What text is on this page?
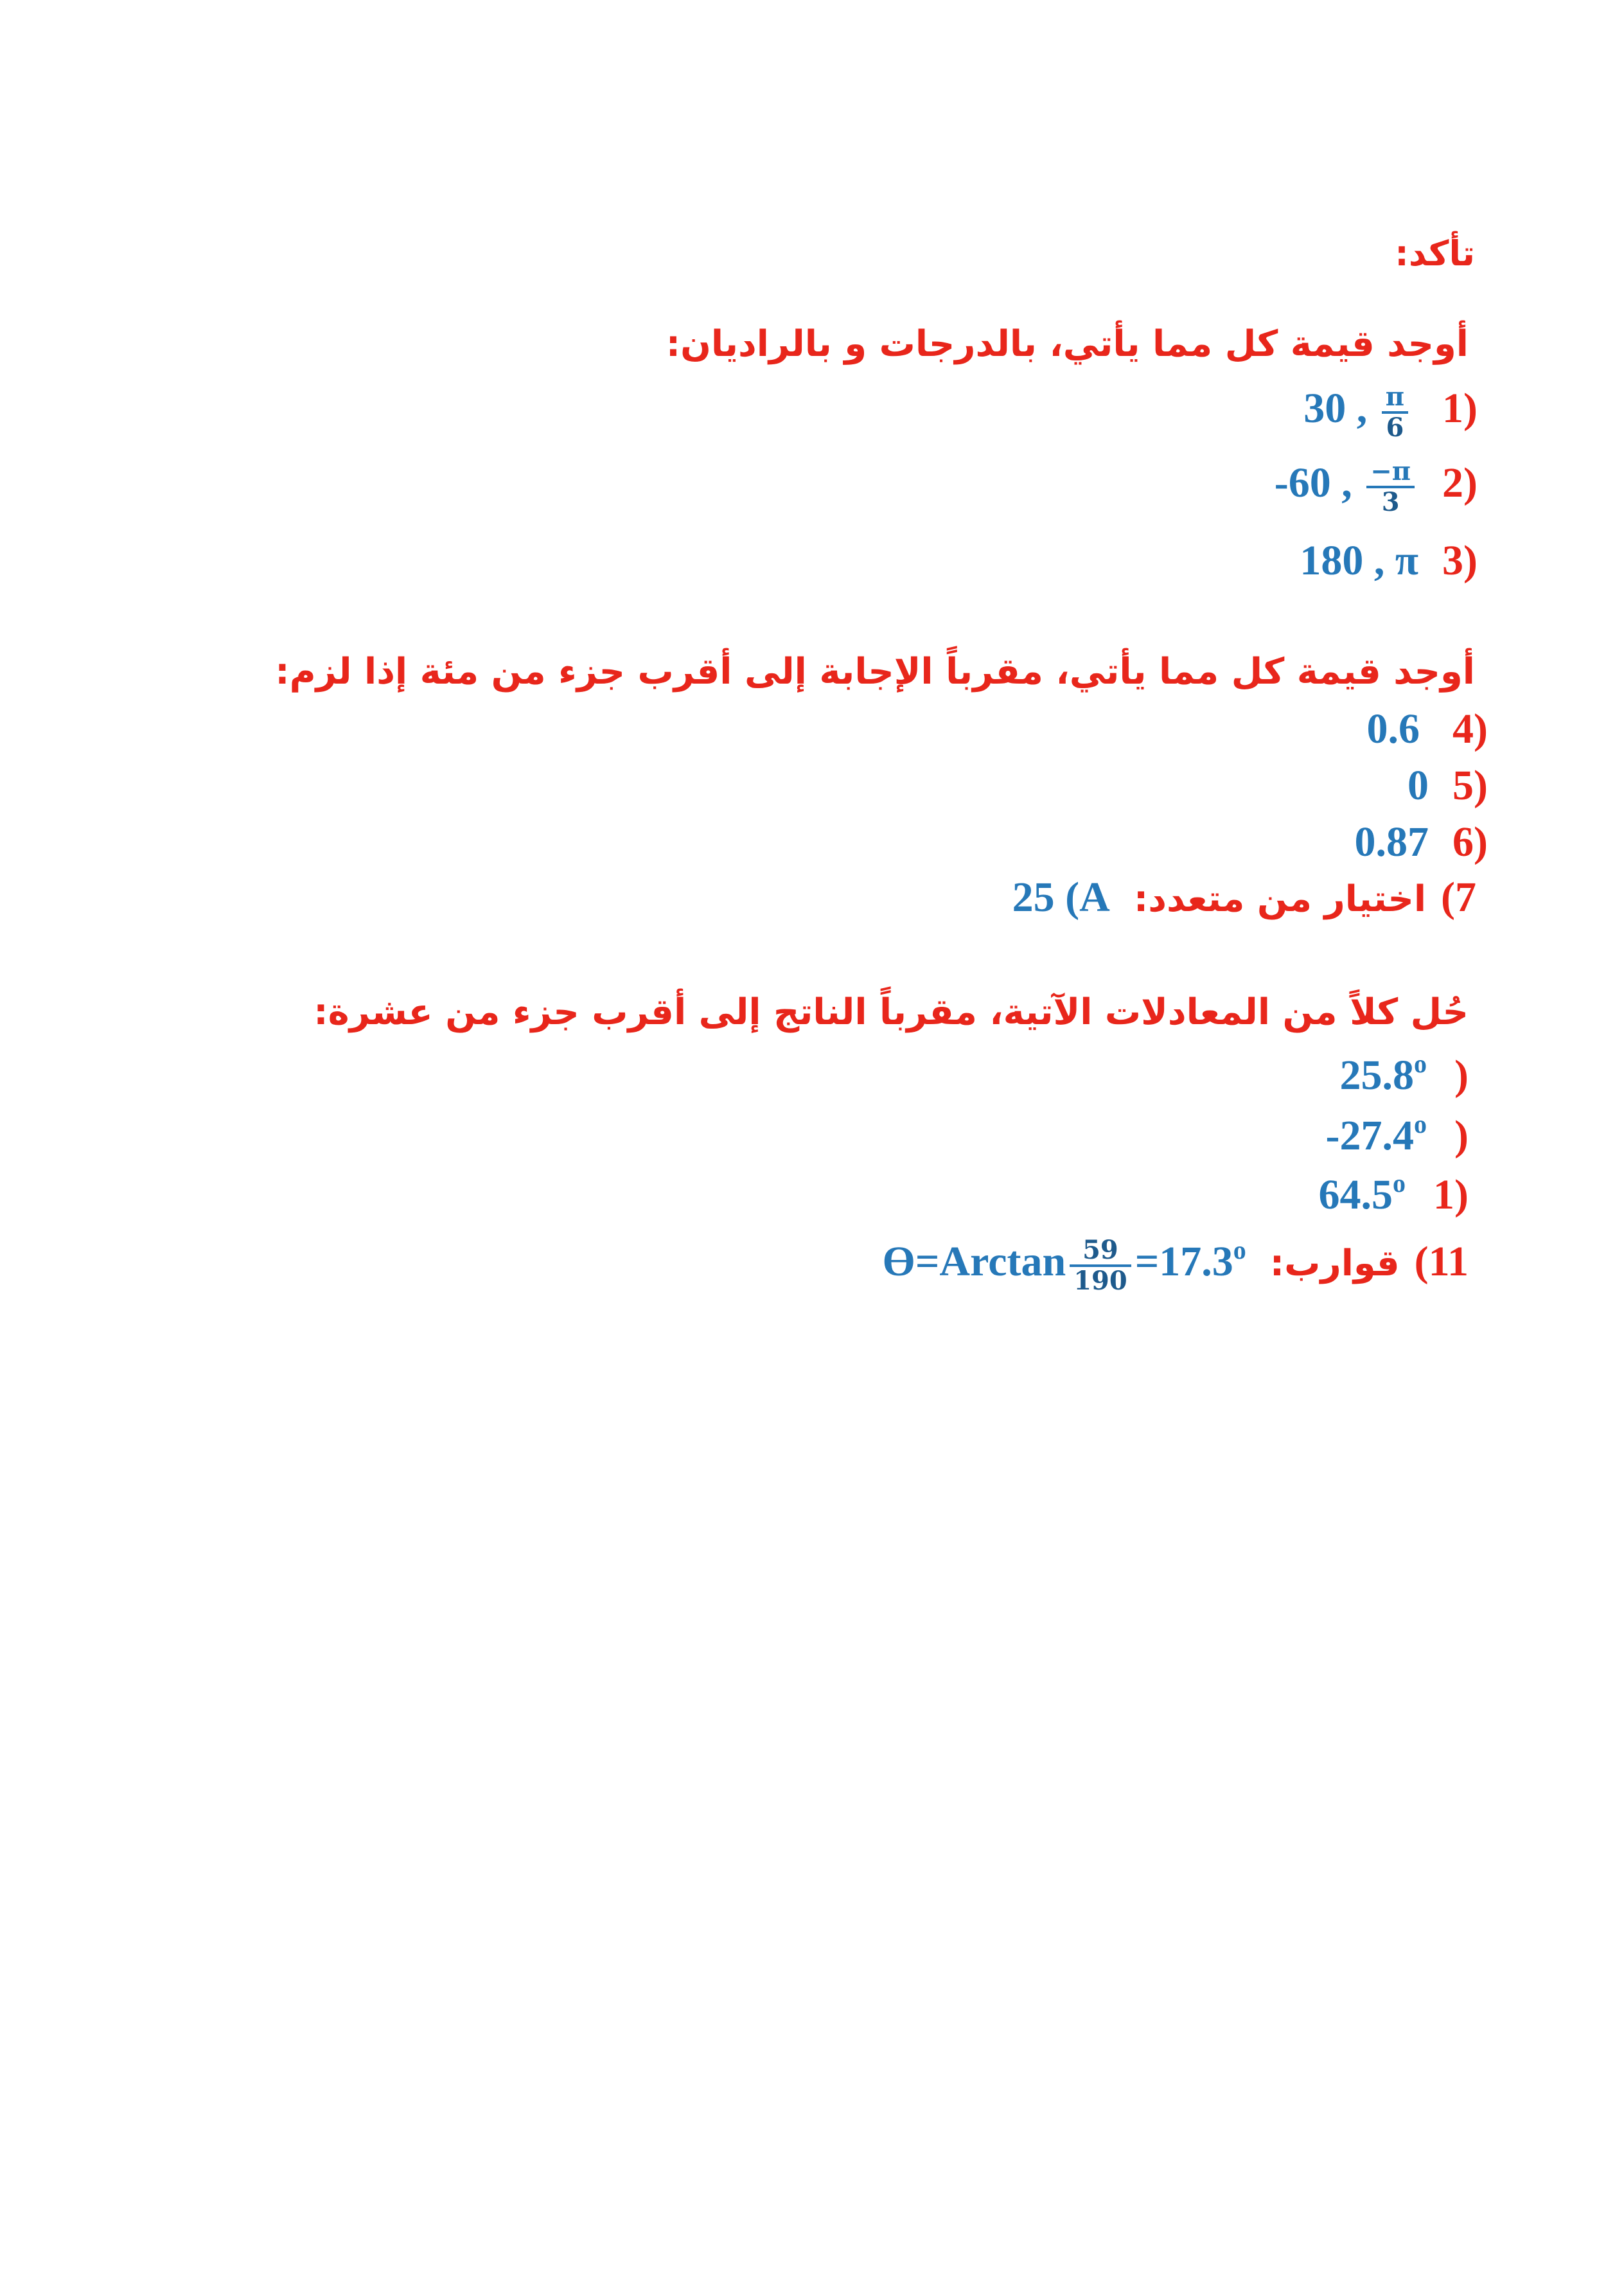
تأكد:
أوجد قيمة كل مما يأتي، بالدرجات و بالراديان:
(1 30 , $\frac{\pi}{6}$
(2 -60 , $\frac{-\pi}{3}$
(3 180 , π
أوجد قيمة كل مما يأتي، مقرباً الإجابة إلى أقرب جزء من مئة إذا لزم:
(4 0.6
(5 0
(6 0.87
7) اختيار من متعدد: 25 (A
حُل كلاً من المعادلات الآتية، مقرباً الناتج إلى أقرب جزء من عشرة:
( 25.8$^o$
( -27.4$^o$
(1 64.5$^o$
11) قوارب: Ɵ=Arctan $\frac{59}{190} =17.3^o$
